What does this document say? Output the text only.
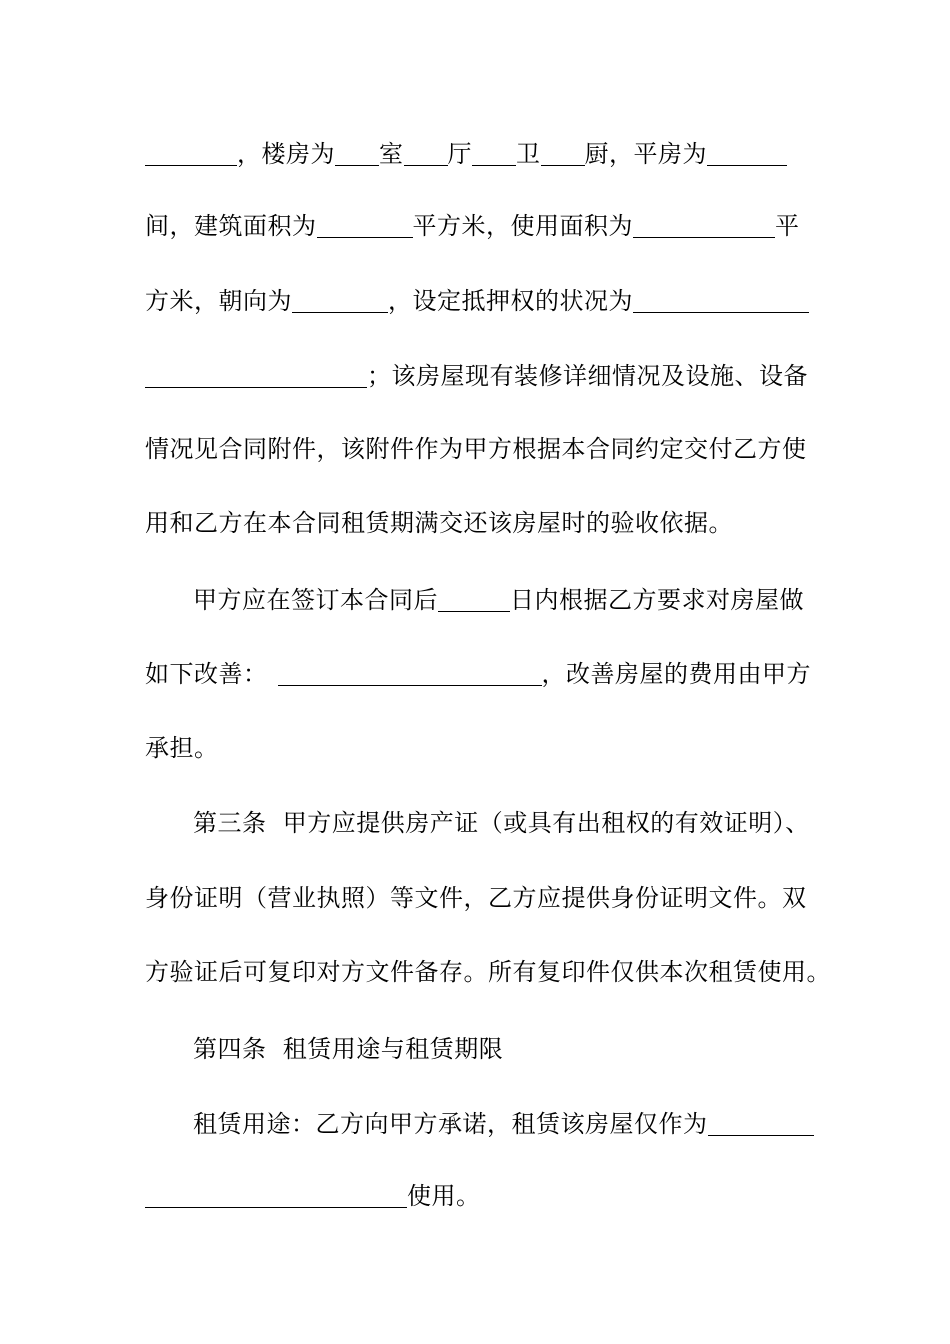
，楼房为 室 厅 卫 厨，平房为
间，建筑面积为	平方米，使用面积为	平
方米，朝向为	，设定抵押权的状况为
；该房屋现有装修详细情况及设施、设备
情况见合同附件，该附件作为甲方根据本合同约定交付乙方使
用和乙方在本合同租赁期满交还该房屋时的验收依据。
甲方应在签订本合同后	日内根据乙方要求对房屋做
如下改善：	，改善房屋的费用由甲方
承担。
第三条  甲方应提供房产证（或具有出租权的有效证明）、
身份证明（营业执照）等文件，乙方应提供身份证明文件。双
方验证后可复印对方文件备存。所有复印件仅供本次租赁使用。
第四条  租赁用途与租赁期限
租赁用途：乙方向甲方承诺，租赁该房屋仅作为
使用。
